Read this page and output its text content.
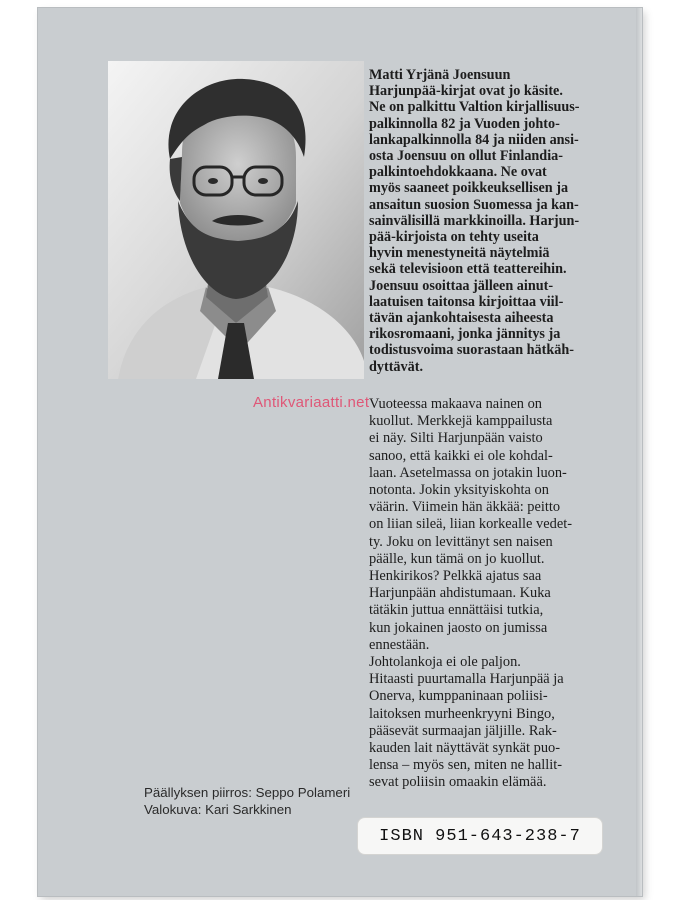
Matti Yrjänä Joensuun
Harjunpää-kirjat ovat jo käsite.
Ne on palkittu Valtion kirjallisuus-
palkinnolla 82 ja Vuoden johto-
lankapalkinnolla 84 ja niiden ansi-
osta Joensuu on ollut Finlandia-
palkintoehdokkaana. Ne ovat
myös saaneet poikkeuksellisen ja
ansaitun suosion Suomessa ja kan-
sainvälisillä markkinoilla. Harjun-
pää-kirjoista on tehty useita
hyvin menestyneitä näytelmiä
sekä televisioon että teattereihin.
Joensuu osoittaa jälleen ainut-
laatuisen taitonsa kirjoittaa viil-
tävän ajankohtaisesta aiheesta
rikosromaani, jonka jännitys ja
todistusvoima suorastaan hätkäh-
dyttävät.

Vuoteessa makaava nainen on
kuollut. Merkkejä kamppailusta
ei näy. Silti Harjunpään vaisto
sanoo, että kaikki ei ole kohdal-
laan. Asetelmassa on jotakin luon-
notonta. Jokin yksityiskohta on
väärin. Viimein hän äkkää: peitto
on liian sileä, liian korkealle vedet-
ty. Joku on levittänyt sen naisen
päälle, kun tämä on jo kuollut.
Henkirikos? Pelkkä ajatus saa
Harjunpään ahdistumaan. Kuka
tätäkin juttua ennättäisi tutkia,
kun jokainen jaosto on jumissa
ennestään.
Johtolankoja ei ole paljon.
Hitaasti puurtamalla Harjunpää ja
Onerva, kumppaninaan poliisi-
laitoksen murheenkryyni Bingo,
pääsevät surmaajan jäljille. Rak-
kauden lait näyttävät synkät puo-
lensa – myös sen, miten ne hallit-
sevat poliisin omaakin elämää.

Päällyksen piirros: Seppo Polameri
Valokuva: Kari Sarkkinen
ISBN 951-643-238-7
Antikvariaatti.net
